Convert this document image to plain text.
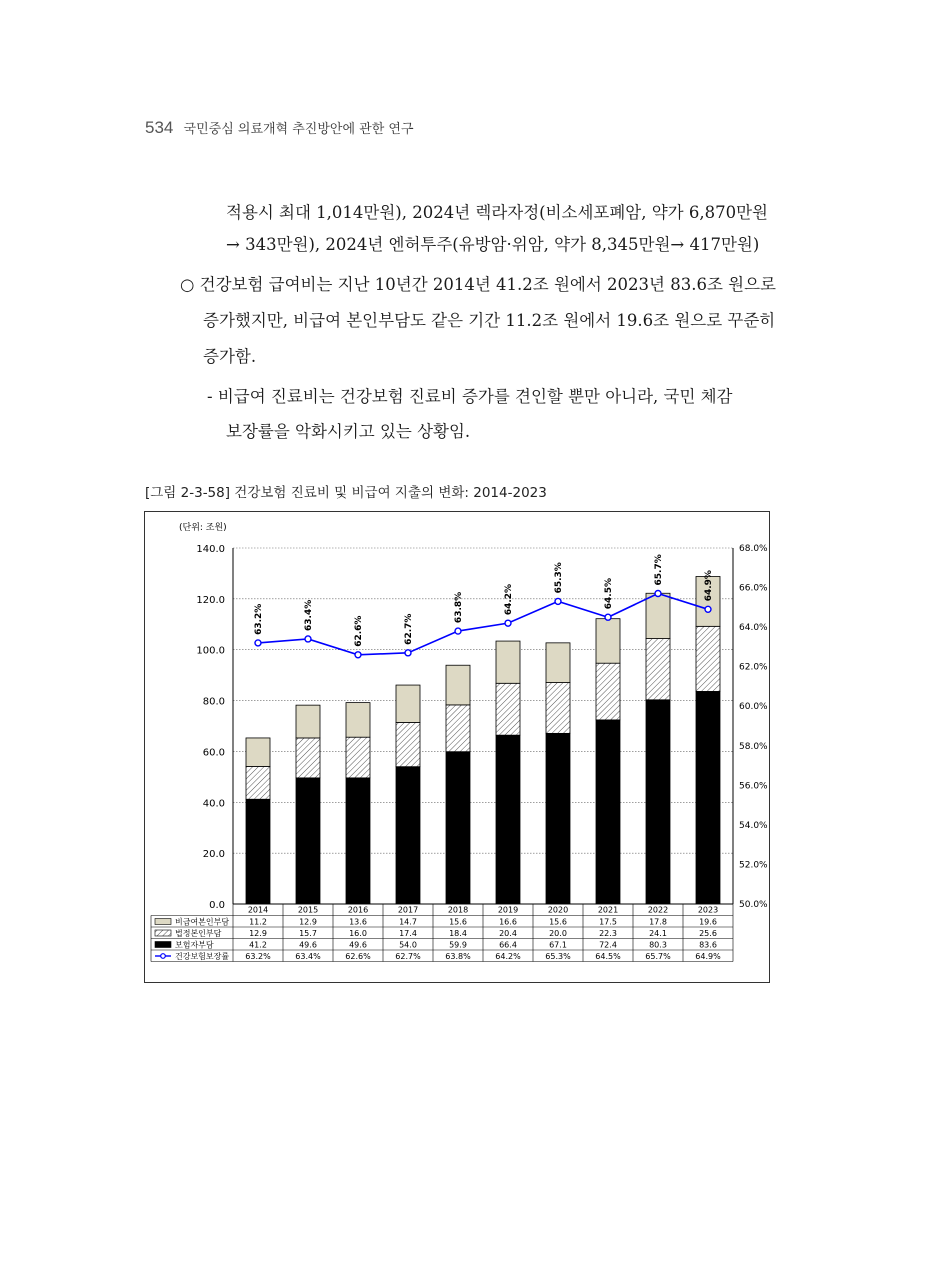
534 국민중심 의료개혁 추진방안에 관한 연구
적용시 최대 1,014만원), 2024년 렉라자정(비소세포폐암, 약가 6,870만원
→ 343만원), 2024년 엔허투주(유방암·위암, 약가 8,345만원→ 417만원)
○ 건강보험 급여비는 지난 10년간 2014년 41.2조 원에서 2023년 83.6조 원으로
증가했지만, 비급여 본인부담도 같은 기간 11.2조 원에서 19.6조 원으로 꾸준히
증가함.
- 비급여 진료비는 건강보험 진료비 증가를 견인할 뿐만 아니라, 국민 체감
보장률을 악화시키고 있는 상황임.
[그림 2-3-58] 건강보험 진료비 및 비급여 지출의 변화: 2014-2023
(단위: 조원)
0.0
20.0
40.0
60.0
80.0
100.0
120.0
140.0
50.0%
52.0%
54.0%
56.0%
58.0%
60.0%
62.0%
64.0%
66.0%
68.0%
63.2%	63.4%
62.6%	62.7%
63.8%	64.2%
65.3%
64.5%
65.7%
64.9%
2014	2015	2016	2017	2018	2019	2020	2021	2022	2023
비급여본인부담 11.2	12.9	13.6	14.7	15.6	16.6	15.6	17.5	17.8	19.6
법정본인부담	12.9	15.7	16.0	17.4	18.4	20.4	20.0	22.3	24.1	25.6
보험자부담	41.2	49.6	49.6	54.0	59.9	66.4	67.1	72.4	80.3	83.6
건강보험보장률 63.2%	63.4%	62.6%	62.7%	63.8%	64.2%	65.3%	64.5%	65.7%	64.9%
